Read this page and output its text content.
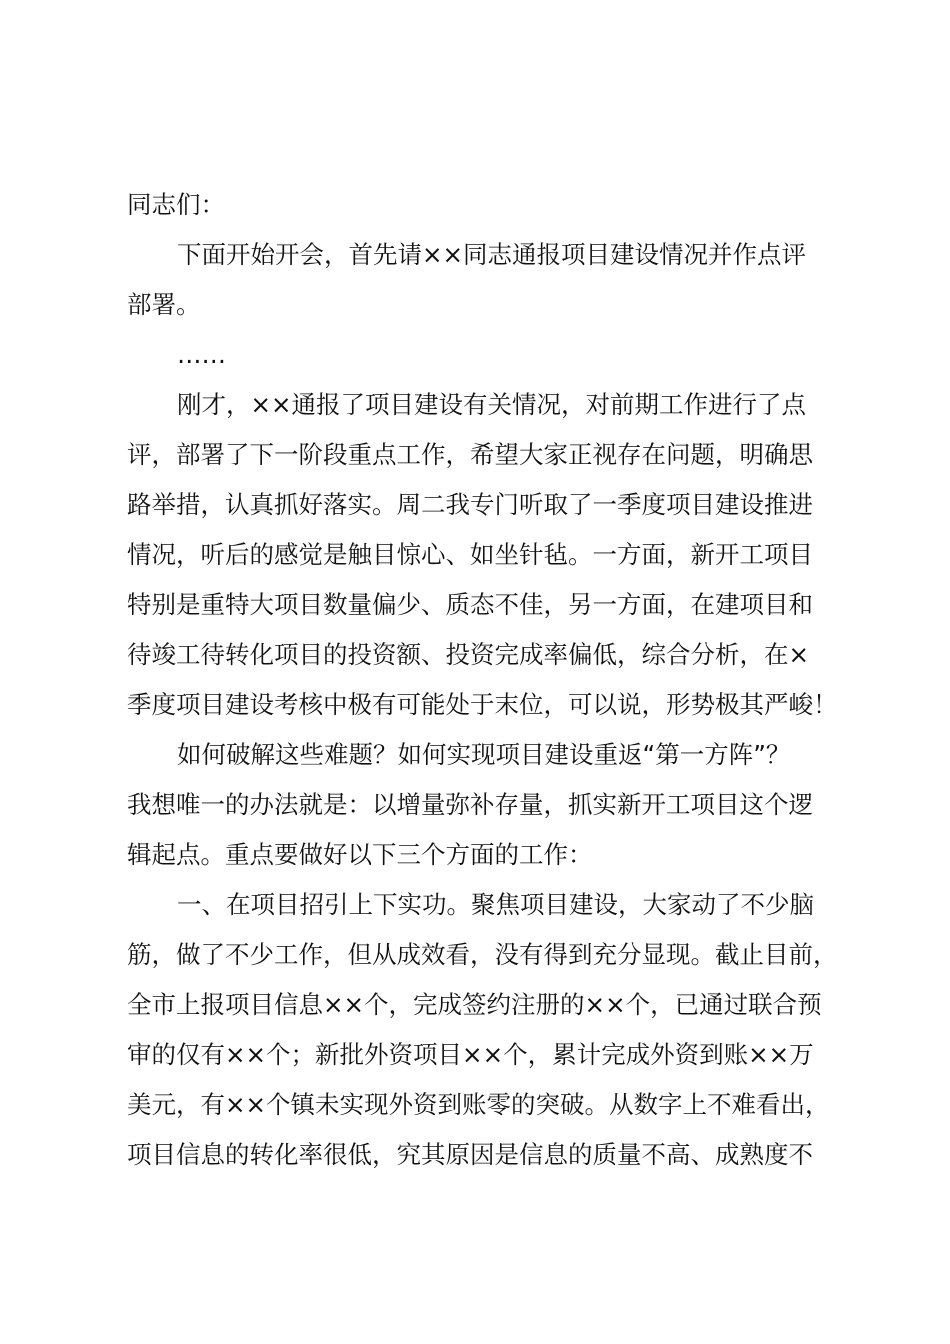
同志们：
下面开始开会，首先请××同志通报项目建设情况并作点评
部署。
……
刚才，××通报了项目建设有关情况，对前期工作进行了点
评，部署了下一阶段重点工作，希望大家正视存在问题，明确思
路举措，认真抓好落实。周二我专门听取了一季度项目建设推进
情况，听后的感觉是触目惊心、如坐针毡。一方面，新开工项目
特别是重特大项目数量偏少、质态不佳，另一方面，在建项目和
待竣工待转化项目的投资额、投资完成率偏低，综合分析，在×
季度项目建设考核中极有可能处于末位，可以说，形势极其严峻！
如何破解这些难题？如何实现项目建设重返“第一方阵”？
我想唯一的办法就是：以增量弥补存量，抓实新开工项目这个逻
辑起点。重点要做好以下三个方面的工作：
一、在项目招引上下实功。聚焦项目建设，大家动了不少脑
筋，做了不少工作，但从成效看，没有得到充分显现。截止目前，
全市上报项目信息××个，完成签约注册的××个，已通过联合预
审的仅有××个；新批外资项目××个，累计完成外资到账××万
美元，有××个镇未实现外资到账零的突破。从数字上不难看出，
项目信息的转化率很低，究其原因是信息的质量不高、成熟度不
